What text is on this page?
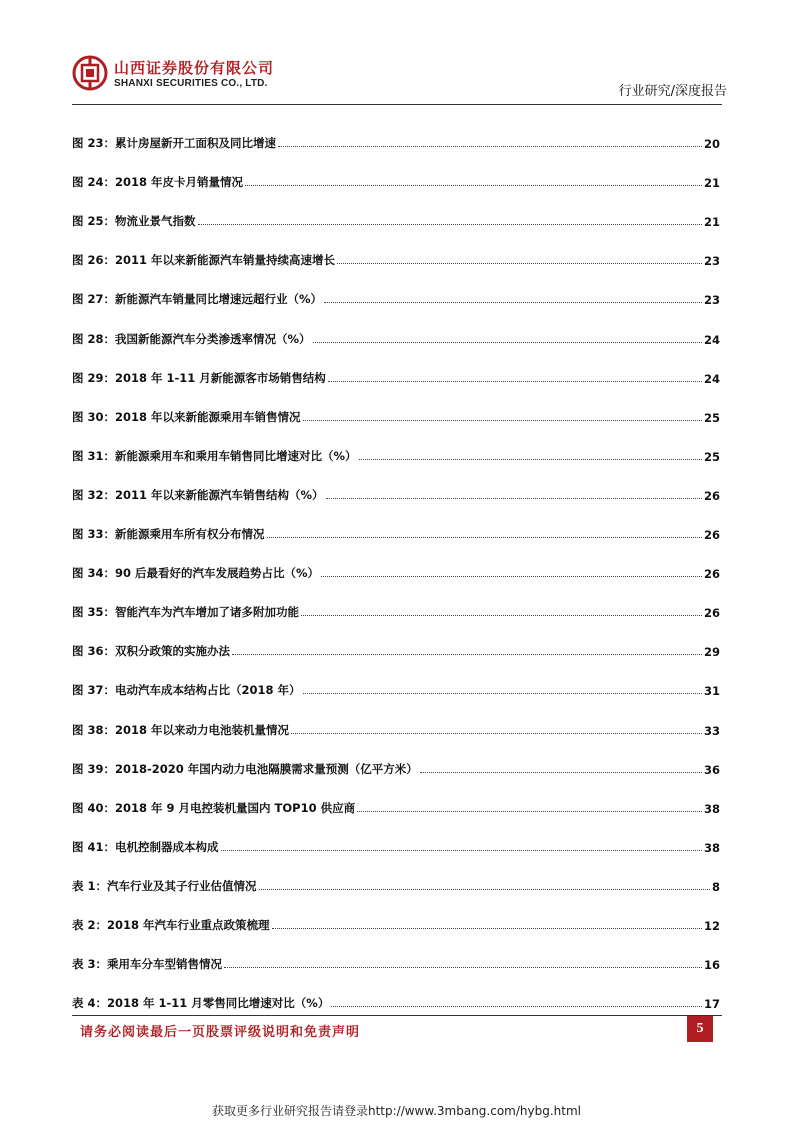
山西证券股份有限公司
SHANXI SECURITIES CO., LTD.
行业研究/深度报告
图 23：累计房屋新开工面积及同比增速	20
图 24：2018 年皮卡月销量情况	21
图 25：物流业景气指数	21
图 26：2011 年以来新能源汽车销量持续高速增长	23
图 27：新能源汽车销量同比增速远超行业（%）	23
图 28：我国新能源汽车分类渗透率情况（%）	24
图 29：2018 年 1-11 月新能源客市场销售结构	24
图 30：2018 年以来新能源乘用车销售情况	25
图 31：新能源乘用车和乘用车销售同比增速对比（%）	25
图 32：2011 年以来新能源汽车销售结构（%）	26
图 33：新能源乘用车所有权分布情况	26
图 34：90 后最看好的汽车发展趋势占比（%）	26
图 35：智能汽车为汽车增加了诸多附加功能	26
图 36：双积分政策的实施办法	29
图 37：电动汽车成本结构占比（2018 年）	31
图 38：2018 年以来动力电池装机量情况	33
图 39：2018-2020 年国内动力电池隔膜需求量预测（亿平方米）	36
图 40：2018 年 9 月电控装机量国内 TOP10 供应商	38
图 41：电机控制器成本构成	38
表 1：汽车行业及其子行业估值情况	8
表 2：2018 年汽车行业重点政策梳理	12
表 3：乘用车分车型销售情况	16
表 4：2018 年 1-11 月零售同比增速对比（%）	17
请务必阅读最后一页股票评级说明和免责声明	5
获取更多行业研究报告请登录http://www.3mbang.com/hybg.html
